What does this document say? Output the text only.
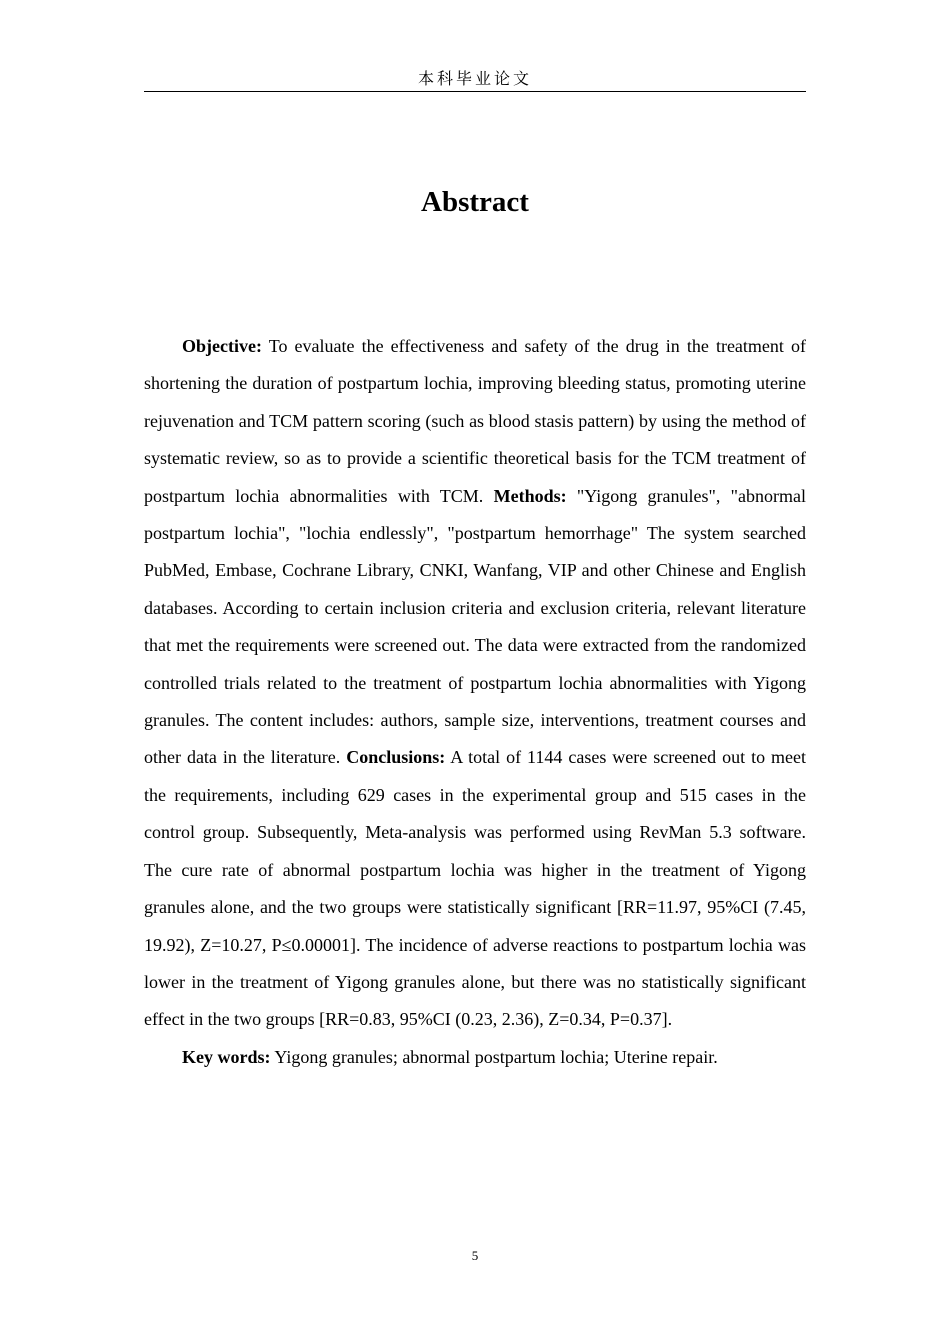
本科毕业论文
Abstract

Objective: To evaluate the effectiveness and safety of the drug in the treatment of shortening the duration of postpartum lochia, improving bleeding status, promoting uterine rejuvenation and TCM pattern scoring (such as blood stasis pattern) by using the method of systematic review, so as to provide a scientific theoretical basis for the TCM treatment of postpartum lochia abnormalities with TCM. Methods: "Yigong granules", "abnormal postpartum lochia", "lochia endlessly", "postpartum hemorrhage" The system searched PubMed, Embase, Cochrane Library, CNKI, Wanfang, VIP and other Chinese and English databases. According to certain inclusion criteria and exclusion criteria, relevant literature that met the requirements were screened out. The data were extracted from the randomized controlled trials related to the treatment of postpartum lochia abnormalities with Yigong granules. The content includes: authors, sample size, interventions, treatment courses and other data in the literature. Conclusions: A total of 1144 cases were screened out to meet the requirements, including 629 cases in the experimental group and 515 cases in the control group. Subsequently, Meta-analysis was performed using RevMan 5.3 software. The cure rate of abnormal postpartum lochia was higher in the treatment of Yigong granules alone, and the two groups were statistically significant [RR=11.97, 95%CI (7.45, 19.92), Z=10.27, P≤0.00001]. The incidence of adverse reactions to postpartum lochia was lower in the treatment of Yigong granules alone, but there was no statistically significant effect in the two groups [RR=0.83, 95%CI (0.23, 2.36), Z=0.34, P=0.37].

Key words: Yigong granules; abnormal postpartum lochia; Uterine repair.

5
